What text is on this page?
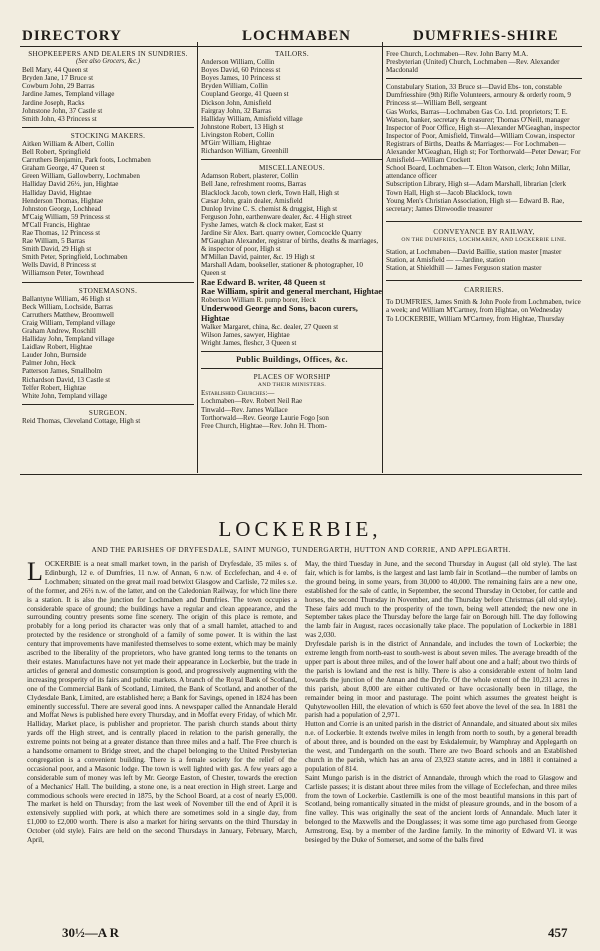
DIRECTORY	LOCHMABEN	DUMFRIES-SHIRE

SHOPKEEPERS AND DEALERS IN SUNDRIES.

(See also Grocers, &c.)

Bell Mary, 44 Queen st

Bryden Jane, 17 Bruce st

Cowburn John, 29 Barras

Jardine James, Templand village

Jardine Joseph, Racks

Johnstone John, 37 Castle st

Smith John, 43 Princess st

STOCKING MAKERS.

Aitken William & Albert, Collin

Bell Robert, Springfield

Carruthers Benjamin, Park foots, Lochmaben

Graham George, 47 Queen st

Green William, Gallowberry, Lochmaben

Halliday David 26½, jun, Hightae

Halliday David, Hightae

Henderson Thomas, Hightae

Johnston George, Lochhead

M'Caig William, 59 Princess st

M'Call Francis, Hightae

Rae Thomas, 12 Princess st

Rae William, 5 Barras

Smith David, 29 High st

Smith Peter, Springfield, Lochmaben

Wells David, 8 Princess st

Williamson Peter, Townhead

STONEMASONS.

Ballantyne William, 46 High st

Beck William, Lochside, Barras

Carruthers Matthew, Broomwell

Craig William, Templand village

Graham Andrew, Roschill

Halliday John, Templand village

Laidlaw Robert, Hightae

Lauder John, Burnside

Palmer John, Heck

Patterson James, Smallholm

Richardson David, 13 Castle st

Telfer Robert, Hightae

White John, Templand village

SURGEON.

Reid Thomas, Cleveland Cottage, High st

TAILORS.

Anderson William, Collin

Boyes David, 60 Princess st

Boyes James, 10 Princess st

Bryden William, Collin

Coupland George, 41 Queen st

Dickson John, Amisfield

Fairgray John, 32 Barras

Halliday William, Amisfield village

Johnstone Robert, 13 High st

Livingston Robert, Collin

M'Girr William, Hightae

Richardson William, Greenhill

MISCELLANEOUS.

Adamson Robert, plasterer, Collin

Bell Jane, refreshment rooms, Barras

Blacklock Jacob, town clerk, Town Hall, High st

Cæsar John, grain dealer, Amisfield

Dunlop Irvine C. S. chemist & druggist, High st

Ferguson John, earthenware dealer, &c. 4 High street

Fyshe James, watch & clock maker, East st

Jardine Sir Alex. Bart. quarry owner, Corncockle Quarry

M'Gaughan Alexander, registrar of births, deaths & marriages, & inspector of poor, High st

M'Millan David, painter, &c. 19 High st

Marshall Adam, bookseller, stationer & photographer, 10 Queen st

Rae Edward B. writer, 48 Queen st

Rae William, spirit and general merchant, Hightae

Robertson William R. pump borer, Heck

Underwood George and Sons, bacon curers, Hightae

Walker Margaret, china, &c. dealer, 27 Queen st

Wilson James, sawyer, Hightae

Wright James, fleshcr, 3 Queen st

Public Buildings, Offices, &c.

PLACES OF WORSHIP

AND THEIR MINISTERS.

Established Churches:—

Lochmaben—Rev. Robert Neil Rae

Tinwald—Rev. James Wallace

Torthorwald—Rev. George Laurie Fogo [son

Free Church, Hightae—Rev. John H. Thom-

Free Church, Lochmaben—Rev. John Barry M.A.

Presbyterian (United) Church, Lochmaben —Rev. Alexander Macdonald

Constabulary Station, 33 Bruce st—David Ebs- ton, constable

Dumfriesshire (9th) Rifle Volunteers, armoury & orderly room, 9 Princess st—William Bell, sergeant

Gas Works, Barras—Lochmaben Gas Co. Ltd. proprietors; T. E. Watson, banker, secretary & treasurer; Thomas O'Neill, manager

Inspector of Poor Office, High st—Alexander M'Geaghan, inspector

Inspector of Poor, Amisfield, Tinwald—William Cowan, inspector

Registrars of Births, Deaths & Marriages:— For Lochmaben—Alexander M'Geaghan, High st; For Torthorwald—Peter Dewar; For Amisfield—William Crockett

School Board, Lochmaben—T. Elton Watson, clerk; John Millar, attendance officer

Subscription Library, High st—Adam Marshall, librarian [clerk

Town Hall, High st—Jacob Blacklock, town

Young Men's Christian Association, High st— Edward B. Rae, secretary; James Dinwoodie treasurer

CONVEYANCE BY RAILWAY,

ON THE DUMFRIES, LOCHMABEN, AND LOCKERBIE LINE.

Station, at Lochmaben—David Baillie, station master [master

Station, at Amisfield — —Jardine, station

Station, at Shieldhill — James Ferguson station master

CARRIERS.

To DUMFRIES, James Smith & John Poole from Lochmaben, twice a week; and William M'Cartney, from Hightae, on Wednesday

To LOCKERBIE, William M'Cartney, from Hightae, Thursday

LOCKERBIE,
AND THE PARISHES OF DRYFESDALE, SAINT MUNGO, TUNDERGARTH, HUTTON AND CORRIE, AND APPLEGARTH.
LOCKERBIE is a neat small market town, in the parish of Dryfesdale, 35 miles s. of Edinburgh, 12 e. of Dumfries, 11 n.w. of Annan, 6 n.w. of Ecclefechan, and 4 e. of Lochmaben; situated on the great mail road betwixt Glasgow and Carlisle, 72 miles s.e. of the former, and 26½ n.w. of the latter, and on the Caledonian Railway, for which line there is a station. It is also the junction for Lochmaben and Dumfries. The town occupies a considerable space of ground; the buildings have a regular and clean appearance, and the surrounding country presents some fine scenery. The origin of this place is remote, and probably for a long period its character was only that of a small hamlet, attached to and protected by the residence or stronghold of a family of some power. It is within the last century that improvements have manifested themselves to some extent, which may be mainly ascribed to the liberality of the proprietors, who have granted long terms to the tenants on their estates. Manufactures have not yet made their appearance in Lockerbie, but the trade in articles of general and domestic consumption is good, and progressively augmenting with the increasing prosperity of its fairs and public markets. A branch of the Royal Bank of Scotland, one of the Commercial Bank of Scotland, Limited, the Bank of Scotland, and another of the Clydesdale Bank, Limited, are established here; a Bank for Savings, opened in 1824 has been eminently successful. There are several good inns. A newspaper called the Annandale Herald and Moffat News is published here every Thursday, and in Moffat every Friday, of which Mr. Halliday, Market place, is publisher and proprietor. The parish church stands about thirty yards off the High street, and is centrally placed in relation to the parish generally, the extreme points not being at a greater distance than three miles and a half. The Free church is a handsome ornament to Bridge street, and the chapel belonging to the United Presbyterian congregation is a convenient building. There is a female society for the relief of the occasional poor, and a Masonic lodge. The town is well lighted with gas. A few years ago a considerable sum of money was left by Mr. George Easton, of Chester, towards the erection of a Mechanics' Hall. The building, a stone one, is a neat erection in High street. Large and commodious schools were erected in 1875, by the School Board, at a cost of nearly £5,000. The market is held on Thursday; from the last week of November till the end of April it is extensively supplied with pork, at which there are sometimes sold in a single day, from £1,000 to £2,000 worth. There is also a market for hiring servants on the third Thursday in October (old style). Fairs are held on the second Thursdays in January, February, March, April,
May, the third Tuesday in June, and the second Thursday in August (all old style). The last fair, which is for lambs, is the largest and last lamb fair in Scotland—the number of lambs on the ground being, in some years, from 30,000 to 40,000. The remaining fairs are a new one, established for the sale of cattle, in September, the second Thursday in October, for cattle and horses, the second Thursday in November, and the Thursday before Christmas (all old style). These fairs add much to the prosperity of the town, being well attended; the new one in September takes place the Thursday before the large fair on Borough hill. The day following the lamb fair in August, races occasionally take place. The population of Lockerbie in 1881 was 2,030.
Dryfesdale parish is in the district of Annandale, and includes the town of Lockerbie; the extreme length from north-east to south-west is about seven miles. The average breadth of the upper part is about three miles, and of the lower half about one and a half; about two thirds of the parish is lowland and the rest is hilly. There is also a considerable extent of holm land towards the junction of the Annan and the Dryfe. Of the whole extent of the 10,231 acres in this parish, about 8,000 are either cultivated or have occasionally been in tillage, the remainder being in moor and pasturage. The point which assumes the greatest height is Quhytewoollen Hill, the elevation of which is 650 feet above the level of the sea. In 1881 the parish had a population of 2,971.
Hutton and Corrie is an united parish in the district of Annandale, and situated about six miles n.e. of Lockerbie. It extends twelve miles in length from north to south, by a general breadth of about three, and is bounded on the east by Eskdalemuir, by Wamphray and Applegarth on the west, and Tundergarth on the south. There are two Board schools and an Established church in the parish, which has an area of 23,923 statute acres, and in 1881 it contained a population of 814.
Saint Mungo parish is in the district of Annandale, through which the road to Glasgow and Carlisle passes; it is distant about three miles from the village of Ecclefechan, and three miles from the town of Lockerbie. Castlemilk is one of the most beautiful mansions in this part of Scotland, being romantically situated in the midst of pleasure grounds, and in the bosom of a fine valley. This was originally the seat of the ancient lords of Annandale. Much later it belonged to the Maxwells and the Douglasses; it was some time ago purchased from George Armstrong, Esq. by a member of the Jardine family. In the minority of Edward VI. it was besieged by the Duke of Somerset, and some of the balls fired
30½—A R	457
